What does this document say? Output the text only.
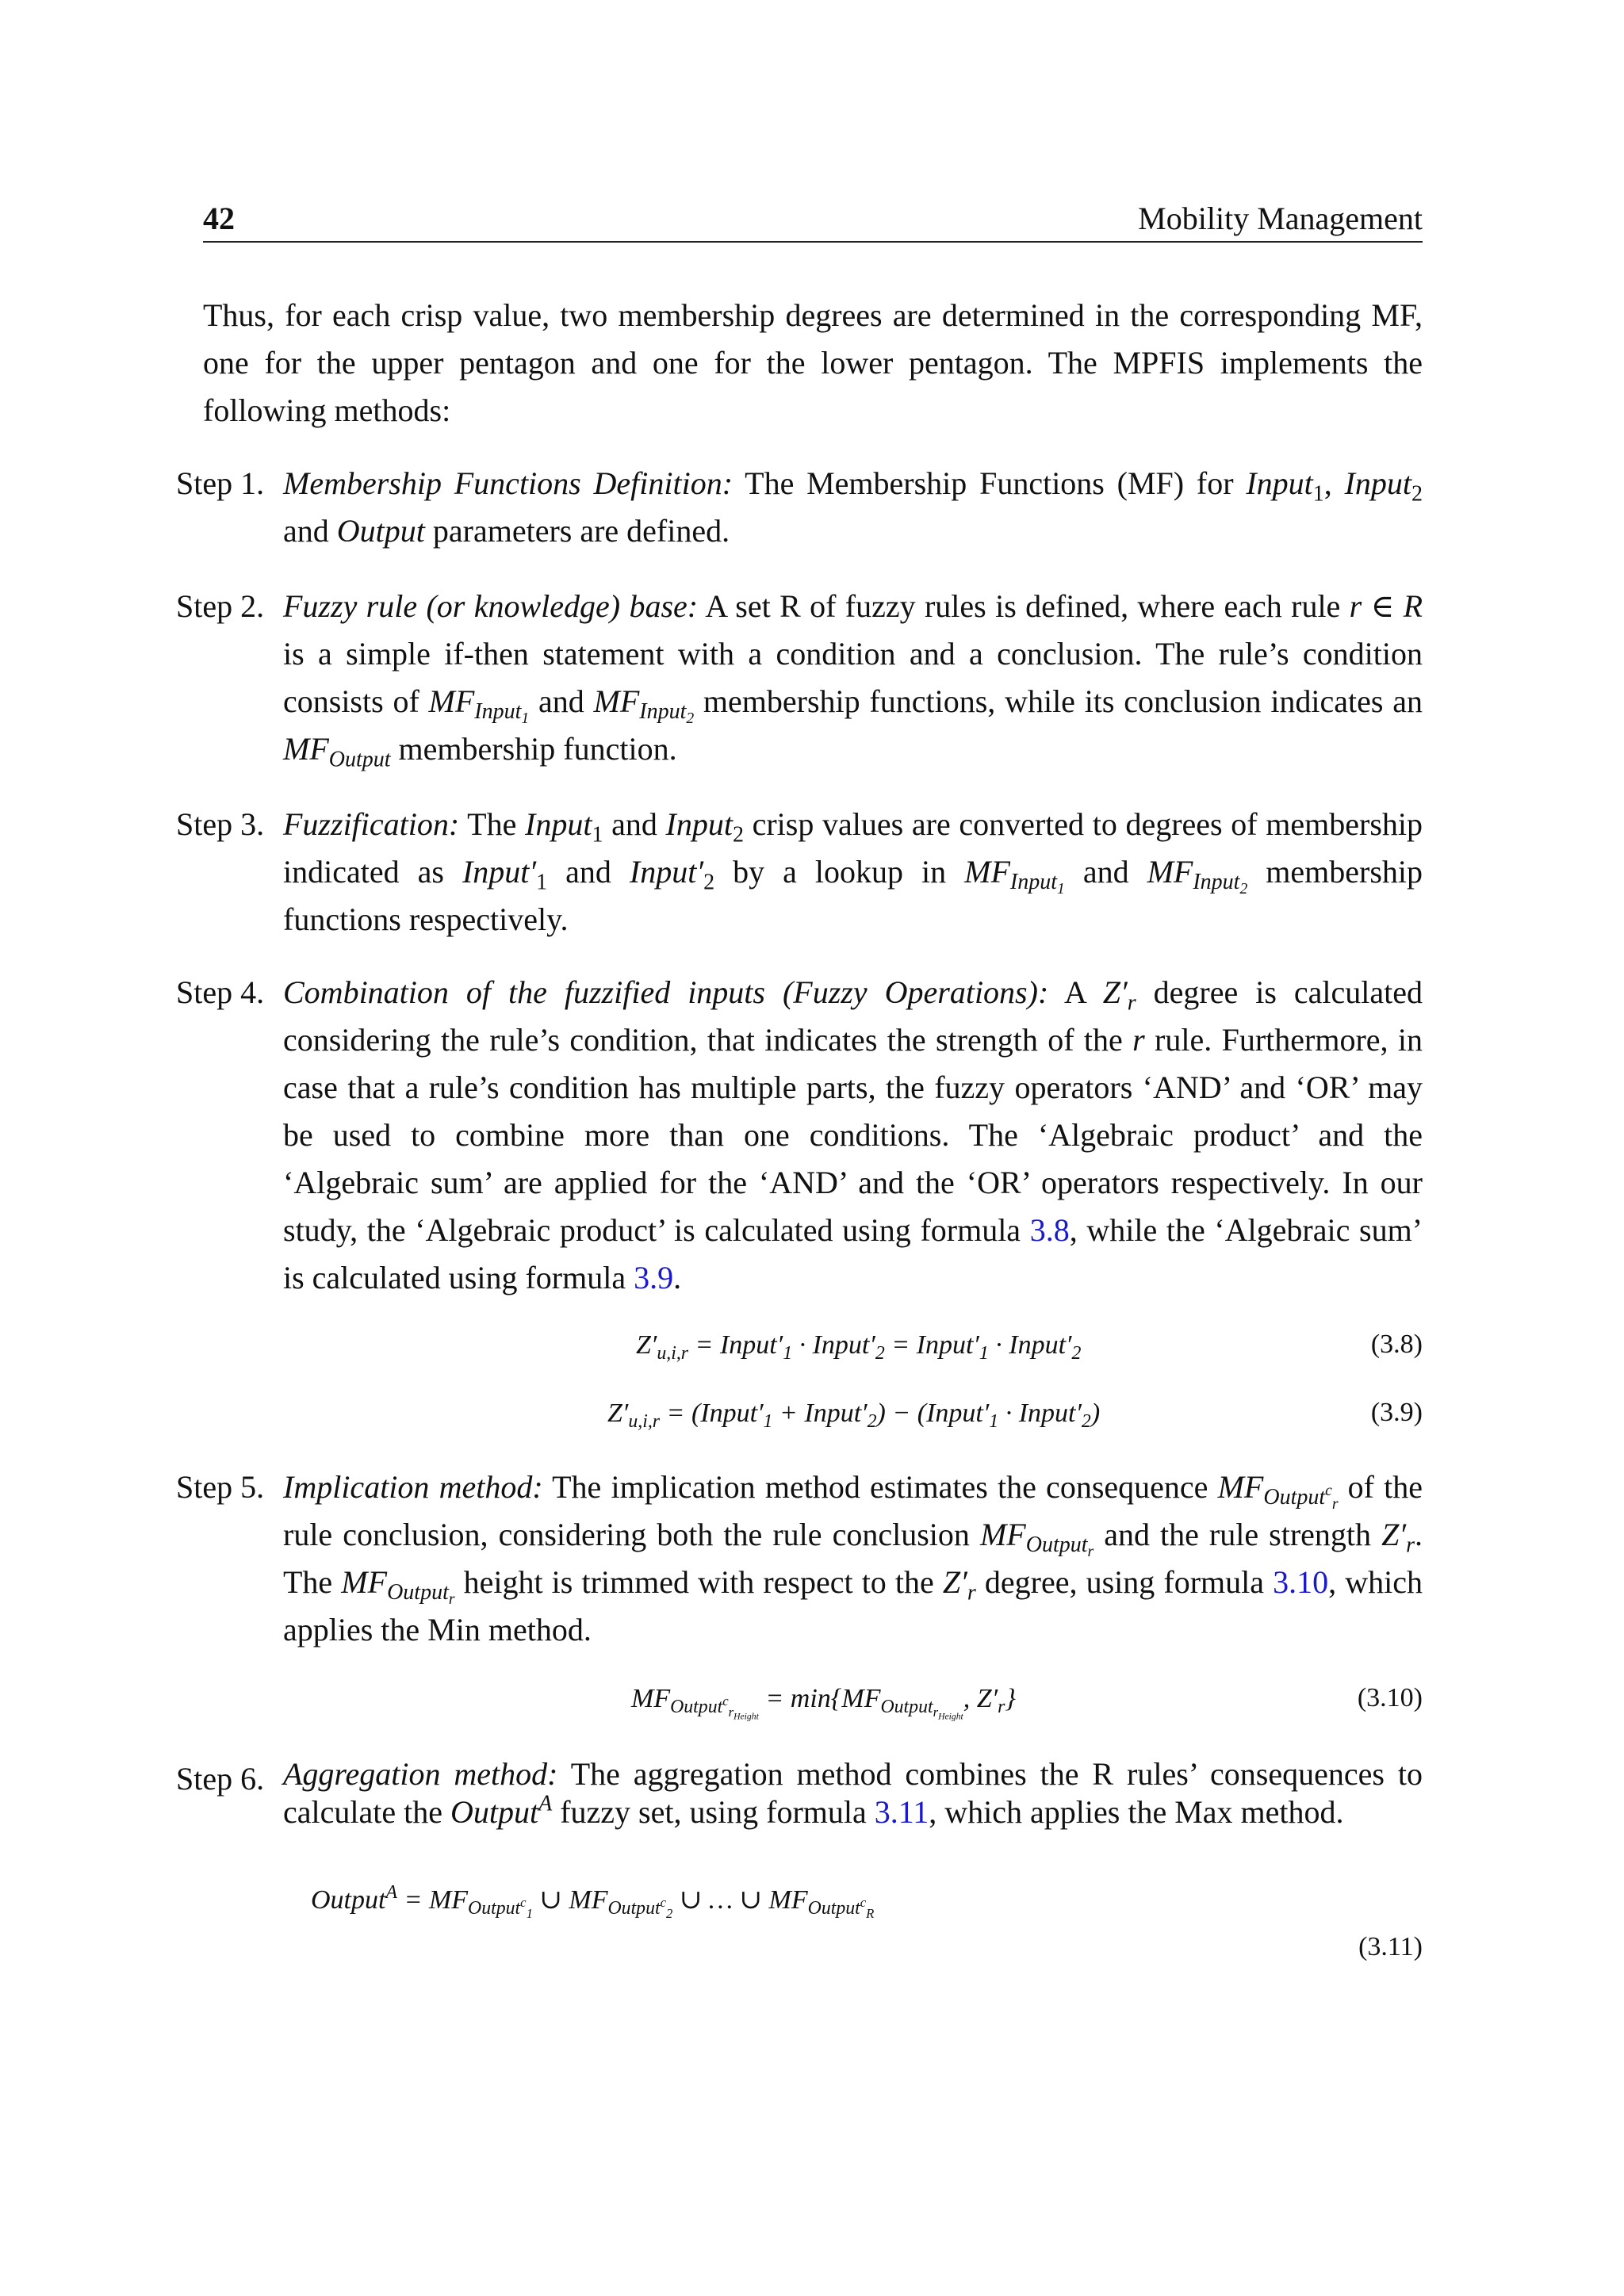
42	Mobility Management
Thus, for each crisp value, two membership degrees are determined in the corresponding MF, one for the upper pentagon and one for the lower pentagon. The MPFIS implements the following methods:
Step 1. Membership Functions Definition: The Membership Functions (MF) for Input$_1$, Input$_2$ and Output parameters are defined.
Step 2. Fuzzy rule (or knowledge) base: A set R of fuzzy rules is defined, where each rule r ∈ R is a simple if-then statement with a condition and a conclusion. The rule’s condition consists of $MF_{Input_1}$ and $MF_{Input_2}$ membership functions, while its conclusion indicates an $MF_{Output}$ membership function.
Step 3. Fuzzification: The Input$_1$ and Input$_2$ crisp values are converted to degrees of membership indicated as $Input'_1$ and $Input'_2$ by a lookup in $MF_{Input_1}$ and $MF_{Input_2}$ membership functions respectively.
Step 4. Combination of the fuzzified inputs (Fuzzy Operations): A $Z'_r$ degree is calculated considering the rule’s condition, that indicates the strength of the r rule. Furthermore, in case that a rule’s condition has multiple parts, the fuzzy operators ‘AND’ and ‘OR’ may be used to combine more than one conditions. The ‘Algebraic product’ and the ‘Algebraic sum’ are applied for the ‘AND’ and the ‘OR’ operators respectively. In our study, the ‘Algebraic product’ is calculated using formula 3.8, while the ‘Algebraic sum’ is calculated using formula 3.9.
$Z'_{u,i,r}$ = $Input'_1$ · $Input'_2$ = $Input'_1$ · $Input'_2$	(3.8)
$Z'_{u,i,r}$ = ($Input'_1$ + $Input'_2$) − ($Input'_1$ · $Input'_2$)	(3.9)
Step 5. Implication method: The implication method estimates the consequence $MF_{Output^c_r}$ of the rule conclusion, considering both the rule conclusion $MF_{Output_r}$ and the rule strength $Z'_r$. The $MF_{Output_r}$ height is trimmed with respect to the $Z'_r$ degree, using formula 3.10, which applies the Min method.
$MF_{Output^c_{r_{Height}}} = \min\{MF_{Output_{r_{Height}}}$, $Z'_r$}	(3.10)
Step 6. Aggregation method: The aggregation method combines the R rules’ consequences to calculate the Output$^A$ fuzzy set, using formula 3.11, which applies the Max method.
Output$^A$ = $MF_{Output^c_1}$ ∪ $MF_{Output^c_2}$ ∪ … ∪ $MF_{Output^c_R}$
(3.11)
